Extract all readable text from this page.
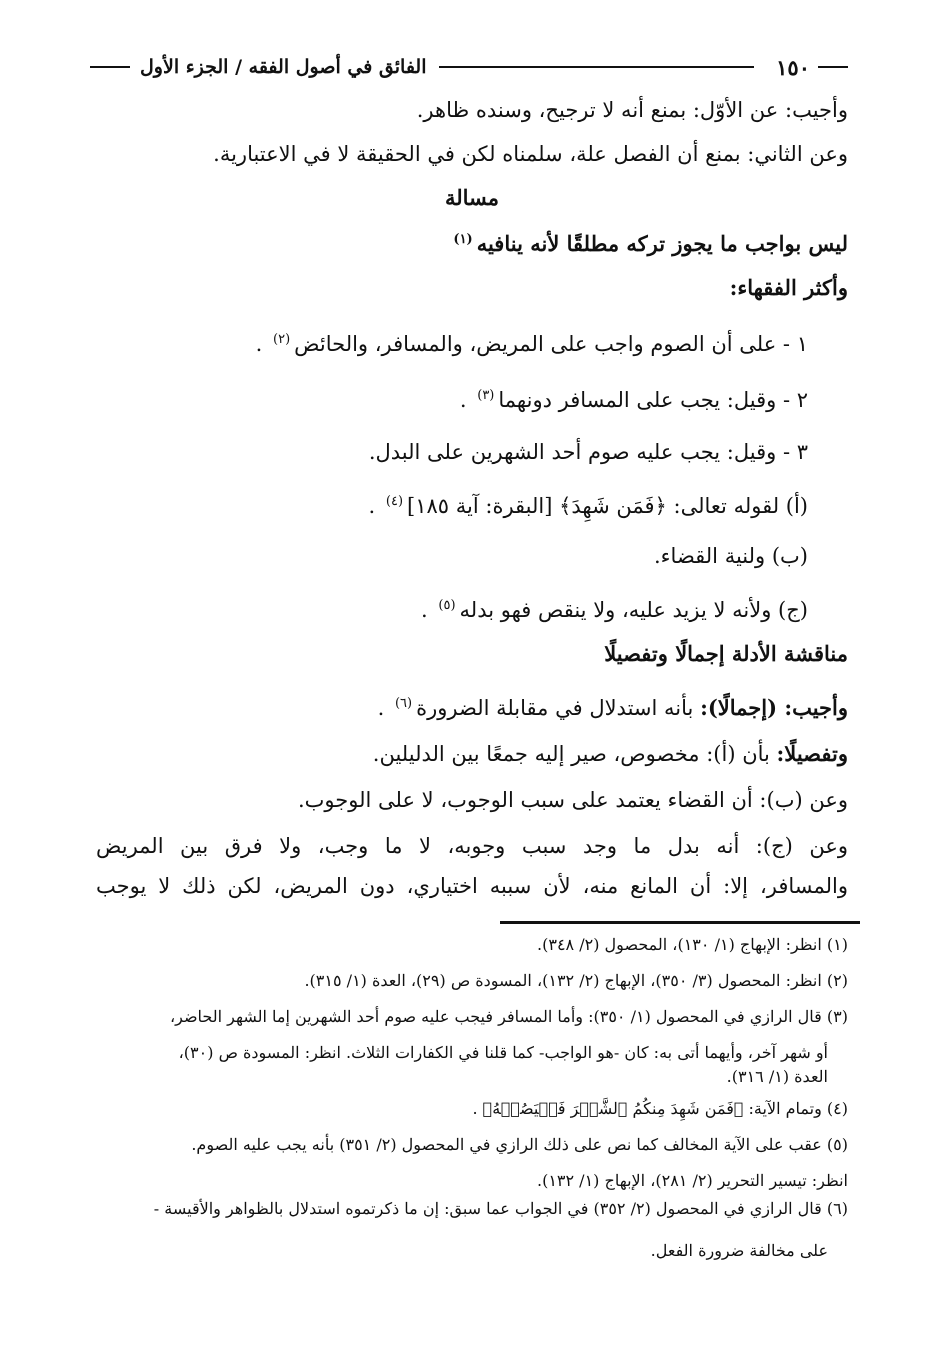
١٥٠
الفائق في أصول الفقه / الجزء الأول

وأجيب: عن الأوّل: بمنع أنه لا ترجيح، وسنده ظاهر.

وعن الثاني: بمنع أن الفصل علة، سلمناه لكن في الحقيقة لا في الاعتبارية.

مسالة

ليس بواجب ما يجوز تركه مطلقًا لأنه ينافيه$^{(١)}$

وأكثر الفقهاء:

١ - على أن الصوم واجب على المريض، والمسافر، والحائض$^{(٢)}$ .

٢ - وقيل: يجب على المسافر دونهما$^{(٣)}$ .

٣ - وقيل: يجب عليه صوم أحد الشهرين على البدل.

(أ) لقوله تعالى: ﴿فَمَن شَهِدَ﴾ [البقرة: آية ١٨٥]$^{(٤)}$ .

(ب) ولنية القضاء.

(ج) ولأنه لا يزيد عليه، ولا ينقص فهو بدله$^{(٥)}$ .

مناقشة الأدلة إجمالًا وتفصيلًا

وأجيب: (إجمالًا): بأنه استدلال في مقابلة الضرورة$^{(٦)}$ .

وتفصيلًا: بأن (أ): مخصوص، صير إليه جمعًا بين الدليلين.

وعن (ب): أن القضاء يعتمد على سبب الوجوب، لا على الوجوب.

وعن (ج): أنه بدل ما وجد سبب وجوبه، لا ما وجب، ولا فرق بين المريض

والمسافر، إلا: أن المانع منه، لأن سببه اختياري، دون المريض، لكن ذلك لا يوجب

(١) انظر: الإبهاج (١/ ١٣٠)، المحصول (٢/ ٣٤٨).

(٢) انظر: المحصول (٣/ ٣٥٠)، الإبهاج (٢/ ١٣٢)، المسودة ص (٢٩)، العدة (١/ ٣١٥).

(٣) قال الرازي في المحصول (١/ ٣٥٠): وأما المسافر فيجب عليه صوم أحد الشهرين إما الشهر الحاضر،

أو شهر آخر، وأيهما أتى به: كان -هو الواجب- كما قلنا في الكفارات الثلاث. انظر: المسودة ص (٣٠)،

العدة (١/ ٣١٦).

(٤) وتمام الآية: ﴿فَمَن شَهِدَ مِنكُمُ ٱلشَّهۡرَ فَلۡيَصُمۡهُ﴾ .

(٥) عقب على الآية المخالف كما نص على ذلك الرازي في المحصول (٢/ ٣٥١) بأنه يجب عليه الصوم.

انظر: تيسير التحرير (٢/ ٢٨١)، الإبهاج (١/ ١٣٢).

(٦) قال الرازي في المحصول (٢/ ٣٥٢) في الجواب عما سبق: إن ما ذكرتموه استدلال بالظواهر والأقيسة -

على مخالفة ضرورة الفعل.
